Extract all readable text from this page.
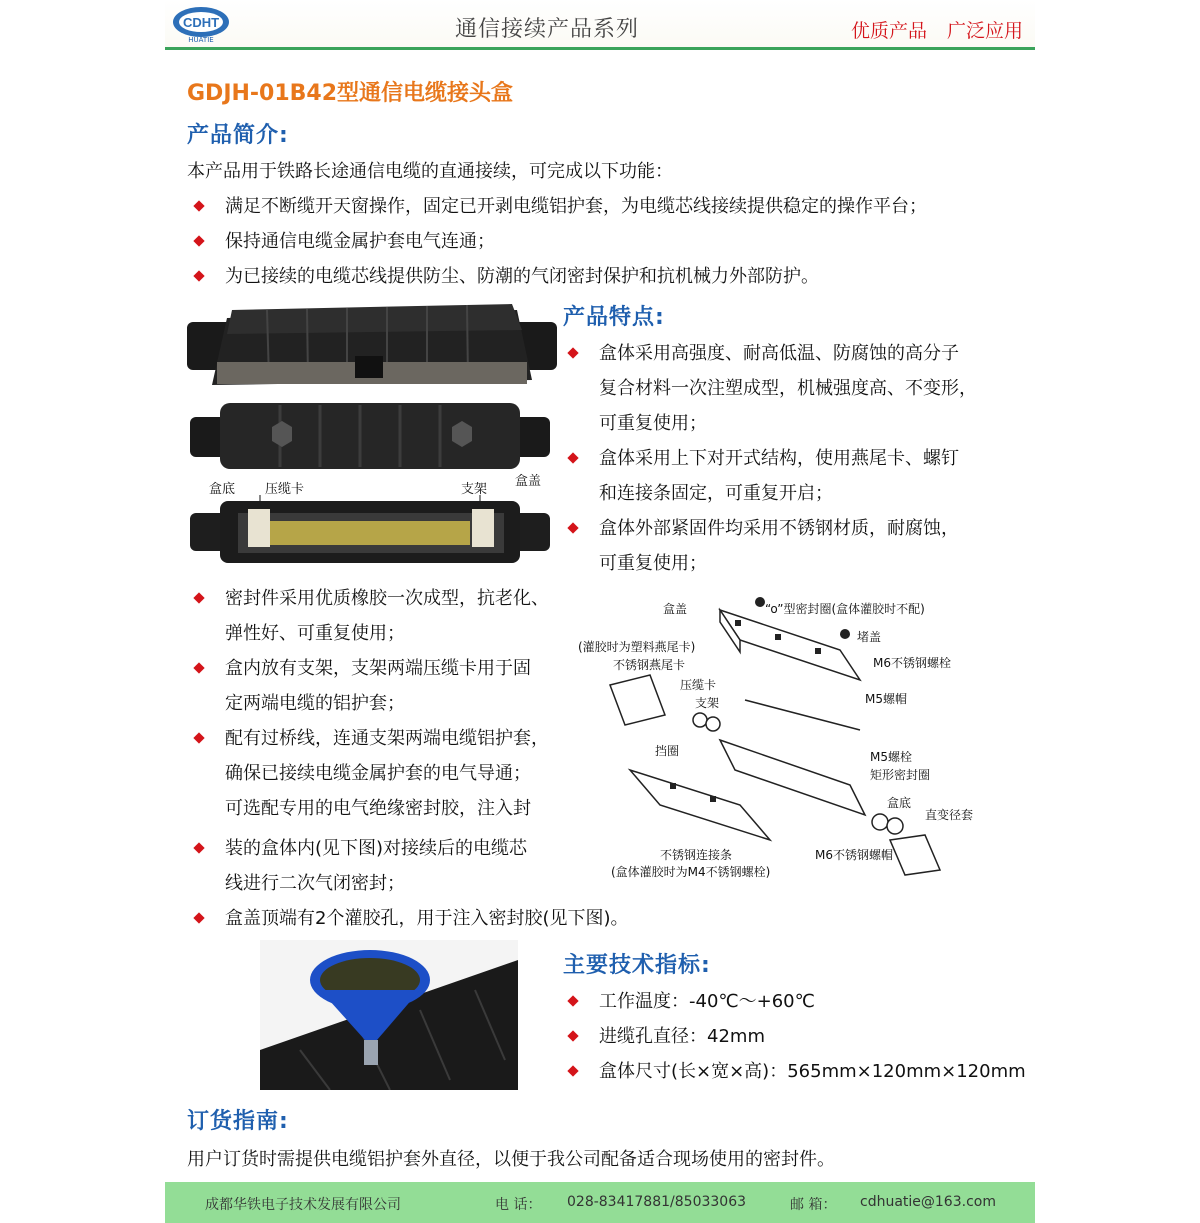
CDHT
HUATIE	通信接续产品系列	优质产品 广泛应用
GDJH-01B42型通信电缆接头盒
产品简介:
本产品用于铁路长途通信电缆的直通接续，可完成以下功能：
满足不断缆开天窗操作，固定已开剥电缆铝护套，为电缆芯线接续提供稳定的操作平台；
保持通信电缆金属护套电气连通；
为已接续的电缆芯线提供防尘、防潮的气闭密封保护和抗机械力外部防护。
盒底 压缆卡	支架
盒盖
产品特点:
盒体采用高强度、耐高低温、防腐蚀的高分子
复合材料一次注塑成型，机械强度高、不变形，
可重复使用；
盒体采用上下对开式结构，使用燕尾卡、螺钉
和连接条固定，可重复开启；
盒体外部紧固件均采用不锈钢材质，耐腐蚀，
可重复使用；
密封件采用优质橡胶一次成型，抗老化、
弹性好、可重复使用；
盒内放有支架，支架两端压缆卡用于固
定两端电缆的铝护套；
配有过桥线，连通支架两端电缆铝护套，
确保已接续电缆金属护套的电气导通；
可选配专用的电气绝缘密封胶，注入封
装的盒体内(见下图)对接续后的电缆芯
线进行二次气闭密封；
盒盖顶端有2个灌胶孔，用于注入密封胶(见下图)。
盒盖	“o”型密封圈(盒体灌胶时不配)
堵盖
M6不锈钢螺栓
(灌胶时为塑料燕尾卡)
不锈钢燕尾卡
压缆卡
M5螺帽
支架
挡圈	M5螺栓
矩形密封圈
盒底
直变径套
不锈钢连接条
(盒体灌胶时为M4不锈钢螺栓)
M6不锈钢螺帽
主要技术指标:
工作温度：-40℃～+60℃
进缆孔直径：42mm
盒体尺寸(长×宽×高)：565mm×120mm×120mm
订货指南:
用户订货时需提供电缆铝护套外直径，以便于我公司配备适合现场使用的密封件。
成都华铁电子技术发展有限公司	电 话： 028-83417881/85033063	邮 箱： cdhuatie@163.com
